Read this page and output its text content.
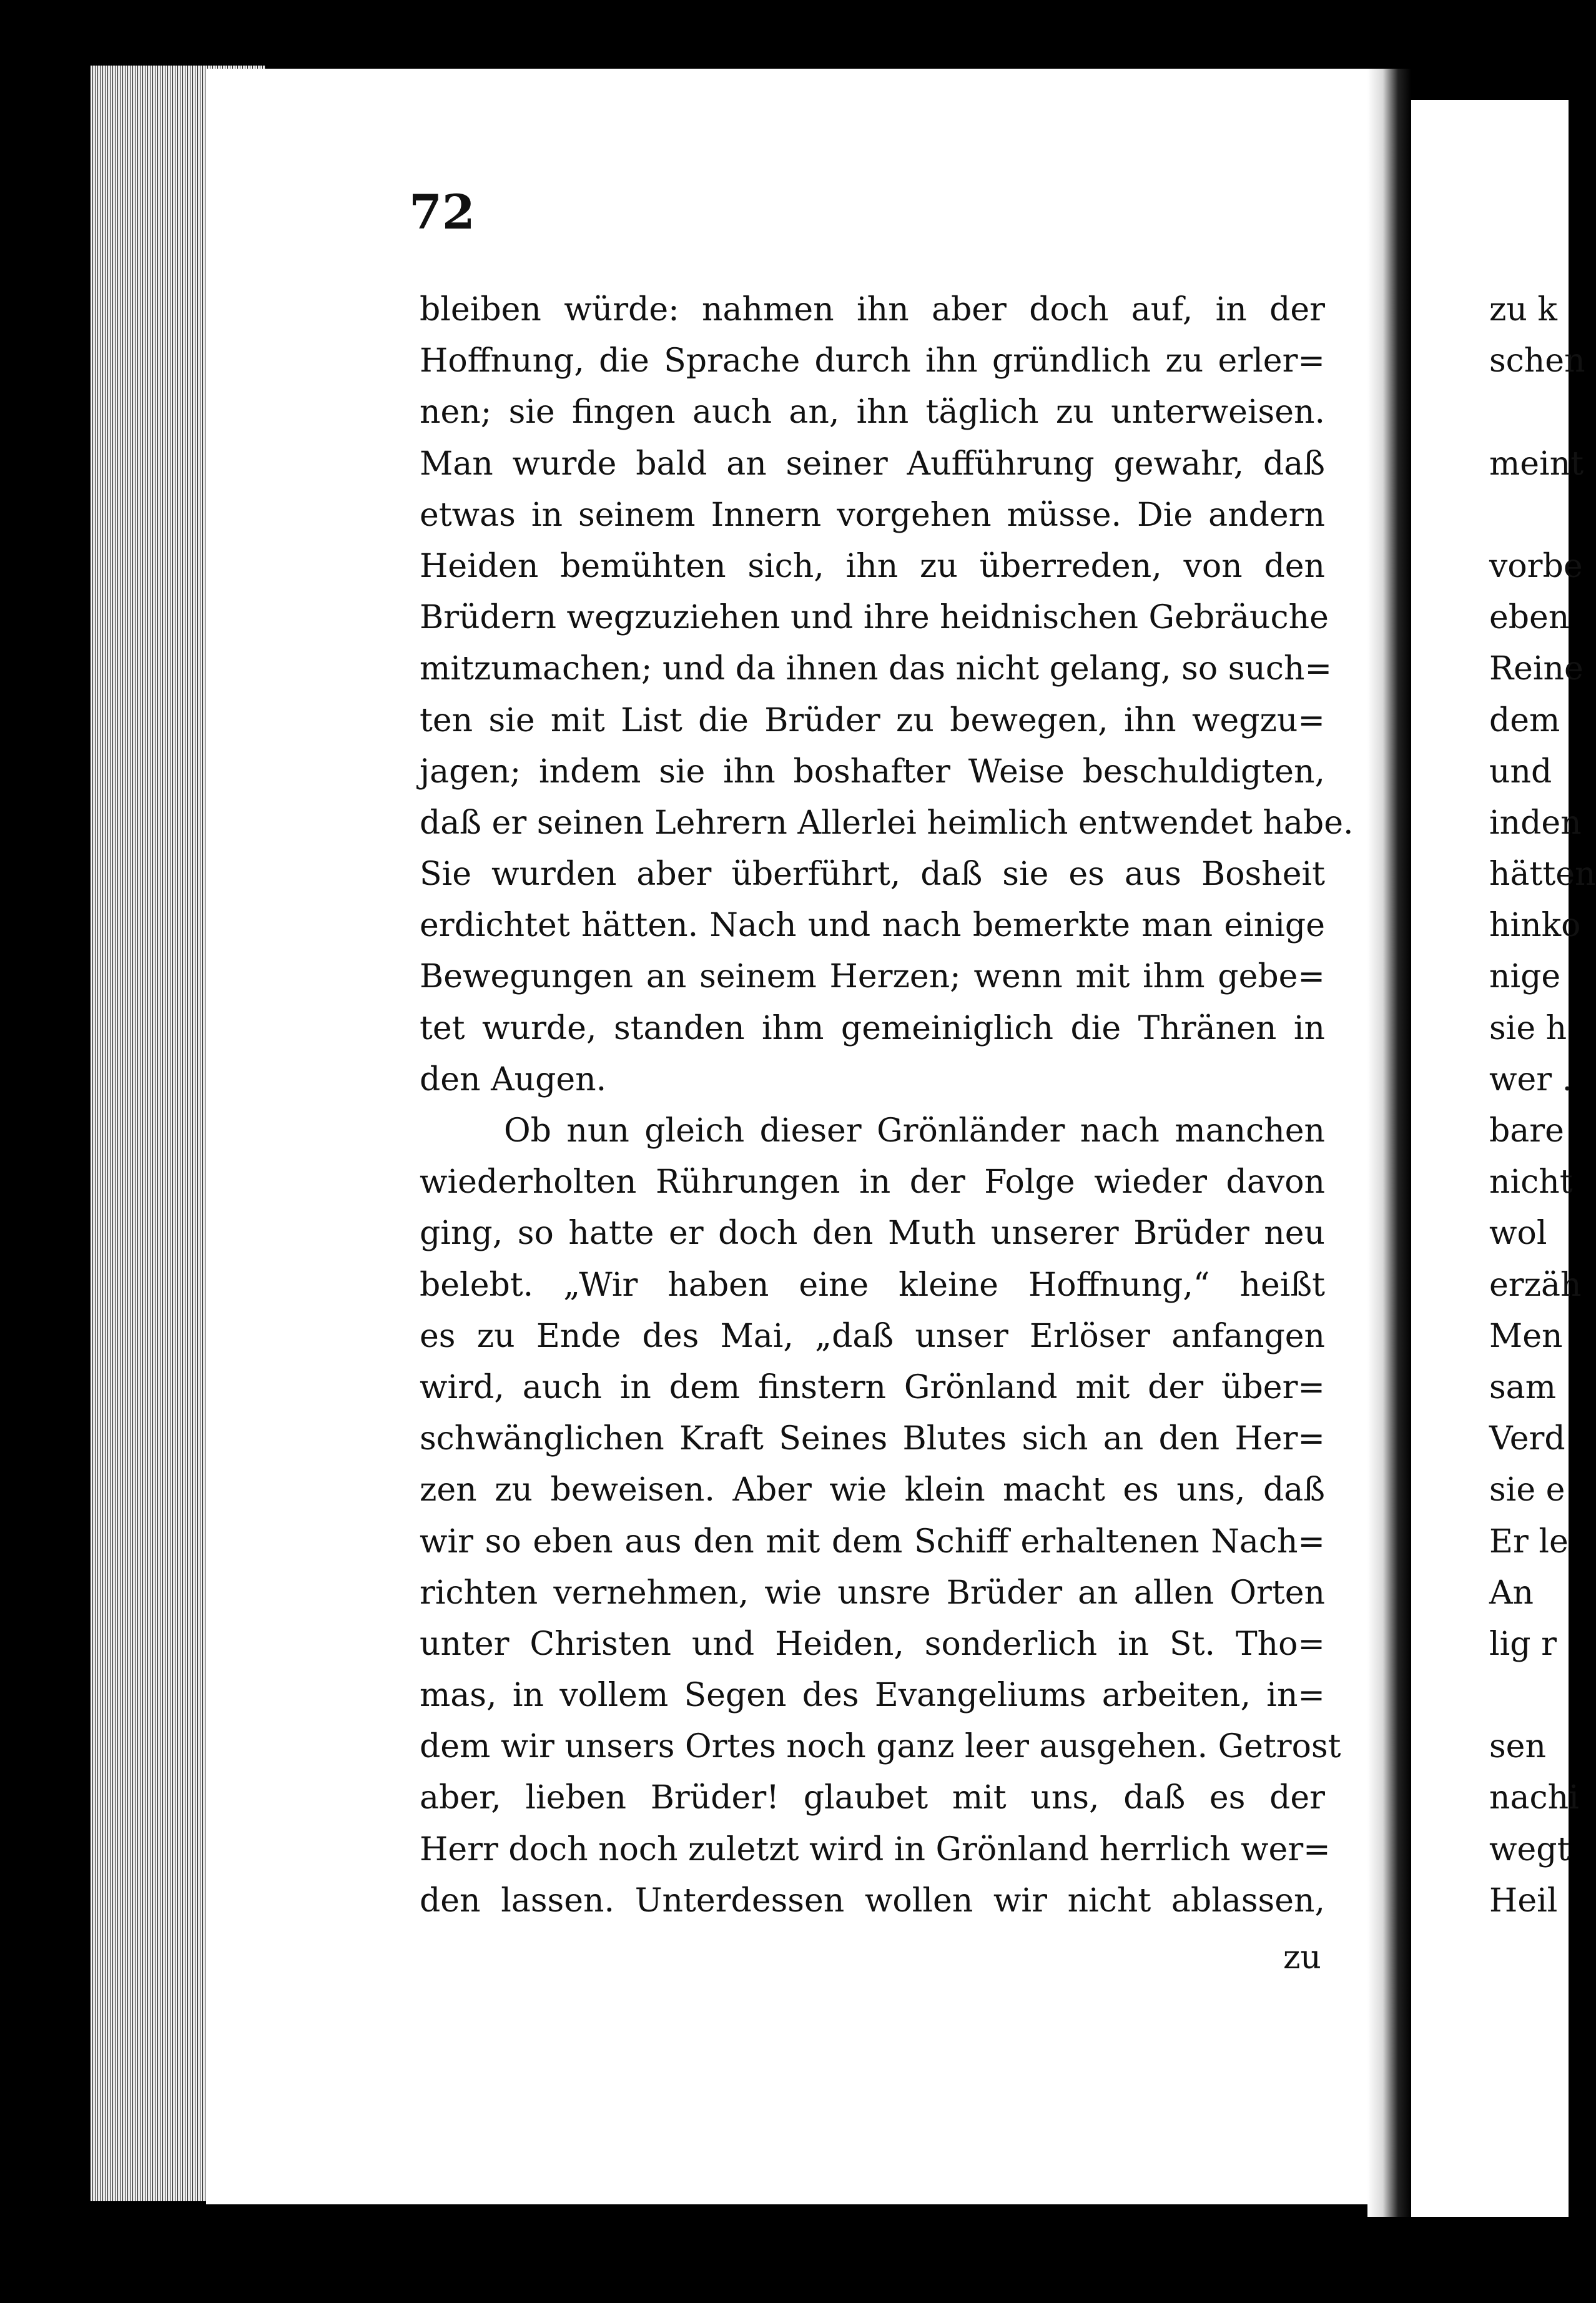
72
bleiben würde: nahmen ihn aber doch auf, in der
Hoffnung, die Sprache durch ihn gründlich zu erler=
nen; sie fingen auch an, ihn täglich zu unterweisen.
Man wurde bald an seiner Aufführung gewahr, daß
etwas in seinem Innern vorgehen müsse. Die andern
Heiden bemühten sich, ihn zu überreden, von den
Brüdern wegzuziehen und ihre heidnischen Gebräuche
mitzumachen; und da ihnen das nicht gelang, so such=
ten sie mit List die Brüder zu bewegen, ihn wegzu=
jagen; indem sie ihn boshafter Weise beschuldigten,
daß er seinen Lehrern Allerlei heimlich entwendet habe.
Sie wurden aber überführt, daß sie es aus Bosheit
erdichtet hätten. Nach und nach bemerkte man einige
Bewegungen an seinem Herzen; wenn mit ihm gebe=
tet wurde, standen ihm gemeiniglich die Thränen in
den Augen.
Ob nun gleich dieser Grönländer nach manchen
wiederholten Rührungen in der Folge wieder davon
ging, so hatte er doch den Muth unserer Brüder neu
belebt. „Wir haben eine kleine Hoffnung,“ heißt
es zu Ende des Mai, „daß unser Erlöser anfangen
wird, auch in dem finstern Grönland mit der über=
schwänglichen Kraft Seines Blutes sich an den Her=
zen zu beweisen. Aber wie klein macht es uns, daß
wir so eben aus den mit dem Schiff erhaltenen Nach=
richten vernehmen, wie unsre Brüder an allen Orten
unter Christen und Heiden, sonderlich in St. Tho=
mas, in vollem Segen des Evangeliums arbeiten, in=
dem wir unsers Ortes noch ganz leer ausgehen. Getrost
aber, lieben Brüder! glaubet mit uns, daß es der
Herr doch noch zuletzt wird in Grönland herrlich wer=
den lassen. Unterdessen wollen wir nicht ablassen,
zu
zu k
schen
meint
vorbe
eben
Reine
dem
und
inden
hätten
hinko
nige
sie h
wer .
bare
nicht
wol
erzäh
Men
sam
Verd
sie e
Er le
An
lig r
sen
nachi
wegt
Heil
